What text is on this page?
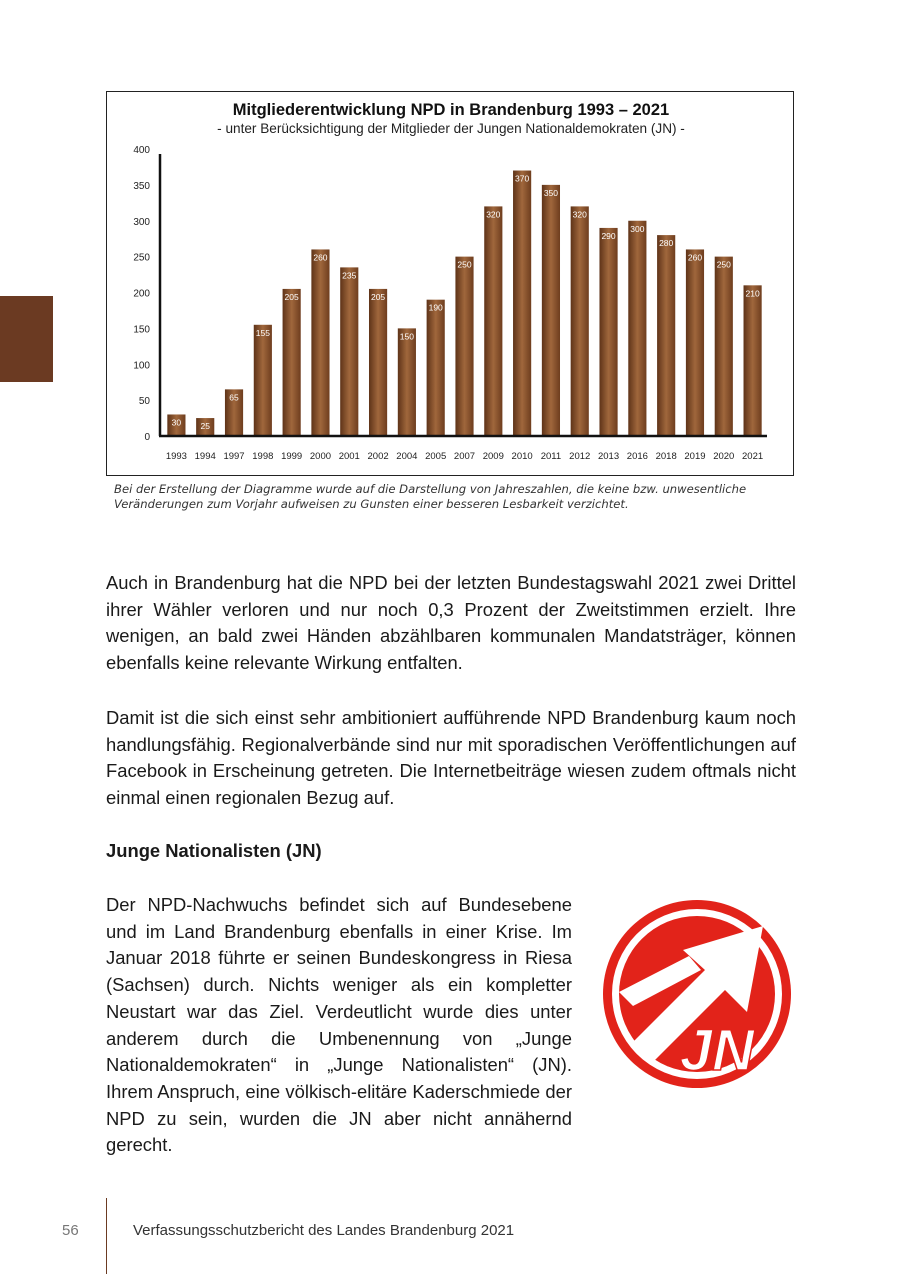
Mitgliederentwicklung NPD in Brandenburg 1993 – 2021
- unter Berücksichtigung der Mitglieder der Jungen Nationaldemokraten (JN) -
0
50
100
150
200
250
300
350
400
30 25
65
155
205
260
235
205
150
190
250
320
370
350
320
290
300
280
260
250
210
1993 1994 1997 1998 1999 2000 2001 2002 2004 2005 2007 2009 2010 2011 2012 2013 2016 2018 2019 2020 2021
Bei der Erstellung der Diagramme wurde auf die Darstellung von Jahreszahlen, die keine bzw. unwesentliche
Veränderungen zum Vorjahr aufweisen zu Gunsten einer besseren Lesbarkeit verzichtet.

Auch in Brandenburg hat die NPD bei der letzten Bundestagswahl 2021 zwei Drittel ihrer Wähler verloren und nur noch 0,3 Prozent der Zweitstimmen erzielt. Ihre wenigen, an bald zwei Händen abzählbaren kommunalen Mandatsträger, können ebenfalls keine relevante Wirkung entfalten.

Damit ist die sich einst sehr ambitioniert aufführende NPD Brandenburg kaum noch handlungsfähig. Regionalverbände sind nur mit sporadischen Veröffentlichungen auf Facebook in Erscheinung getreten. Die Internetbeiträge wiesen zudem oftmals nicht einmal einen regionalen Bezug auf.

Junge Nationalisten (JN)

Der NPD-Nachwuchs befindet sich auf Bundesebene und im Land Brandenburg ebenfalls in einer Krise. Im Januar 2018 führte er seinen Bundeskongress in Riesa (Sachsen) durch. Nichts weniger als ein kompletter Neustart war das Ziel. Verdeutlicht wurde dies unter anderem durch die Umbenennung von „Junge Nationaldemokraten“ in „Junge Nationalisten“ (JN). Ihrem Anspruch, eine völkisch-elitäre Kaderschmiede der NPD zu sein, wurden die JN aber nicht annähernd gerecht.

JN
56	Verfassungsschutzbericht des Landes Brandenburg 2021
